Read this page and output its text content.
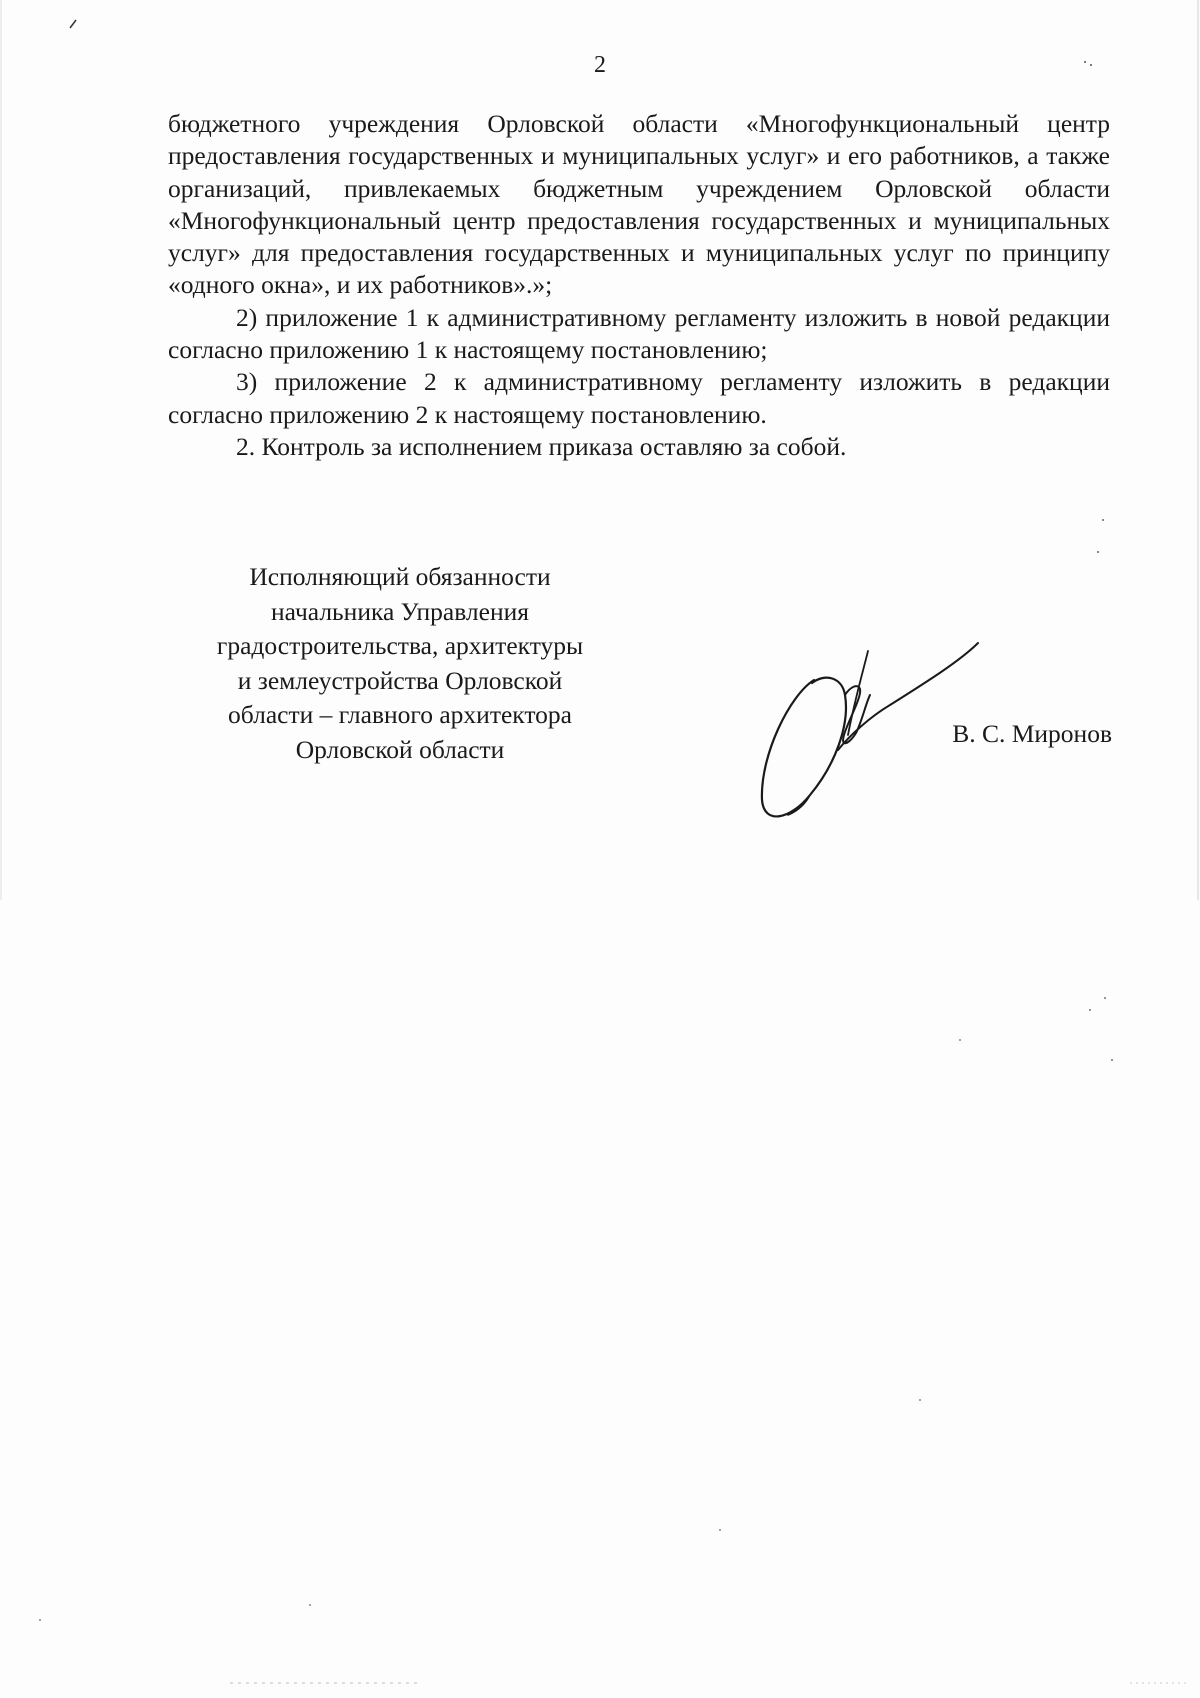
2

бюджетного учреждения Орловской области «Многофункциональный центр предоставления государственных и муниципальных услуг» и его работников, а также организаций, привлекаемых бюджетным учреждением Орловской области «Многофункциональный центр предоставления государственных и муниципальных услуг» для предоставления государственных и муниципальных услуг по принципу «одного окна», и их работников».»;

2) приложение 1 к административному регламенту изложить в новой редакции согласно приложению 1 к настоящему постановлению;

3) приложение 2 к административному регламенту изложить в редакции согласно приложению 2 к настоящему постановлению.

2. Контроль за исполнением приказа оставляю за собой.

Исполняющий обязанности
начальника Управления
градостроительства, архитектуры
и землеустройства Орловской
области – главного архитектора
Орловской области
В. С. Миронов
